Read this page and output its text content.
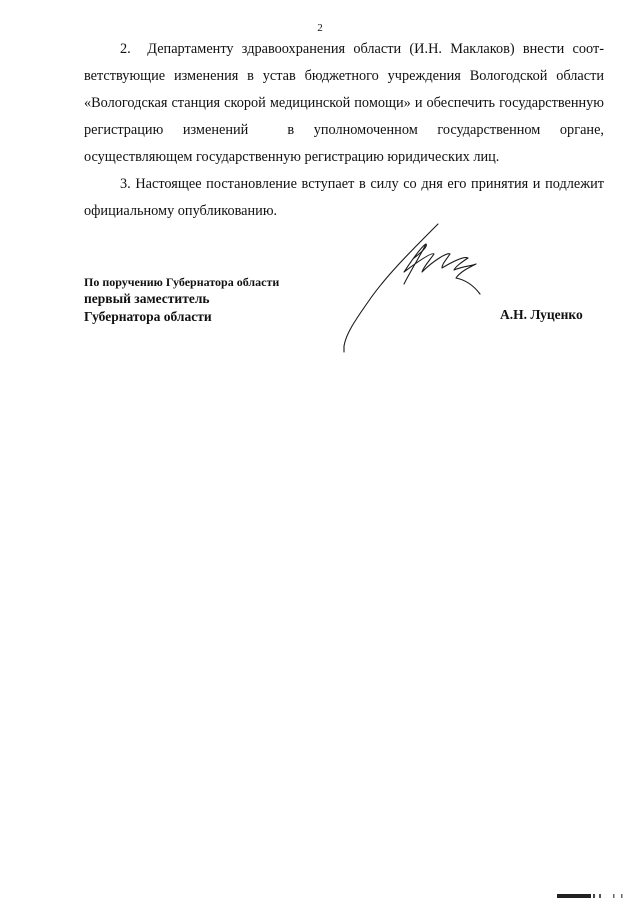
2

2.  Департаменту здравоохранения области (И.Н. Маклаков) внести соответствующие изменения в устав бюджетного учреждения Вологодской области «Вологодская станция скорой медицинской помощи» и обеспечить государственную регистрацию изменений  в уполномоченном государственном органе, осуществляющем государственную регистрацию юридических лиц.

3. Настоящее постановление вступает в силу со дня его принятия и подлежит официальному опубликованию.

По поручению Губернатора области
первый заместитель
Губернатора области	А.Н. Луценко
